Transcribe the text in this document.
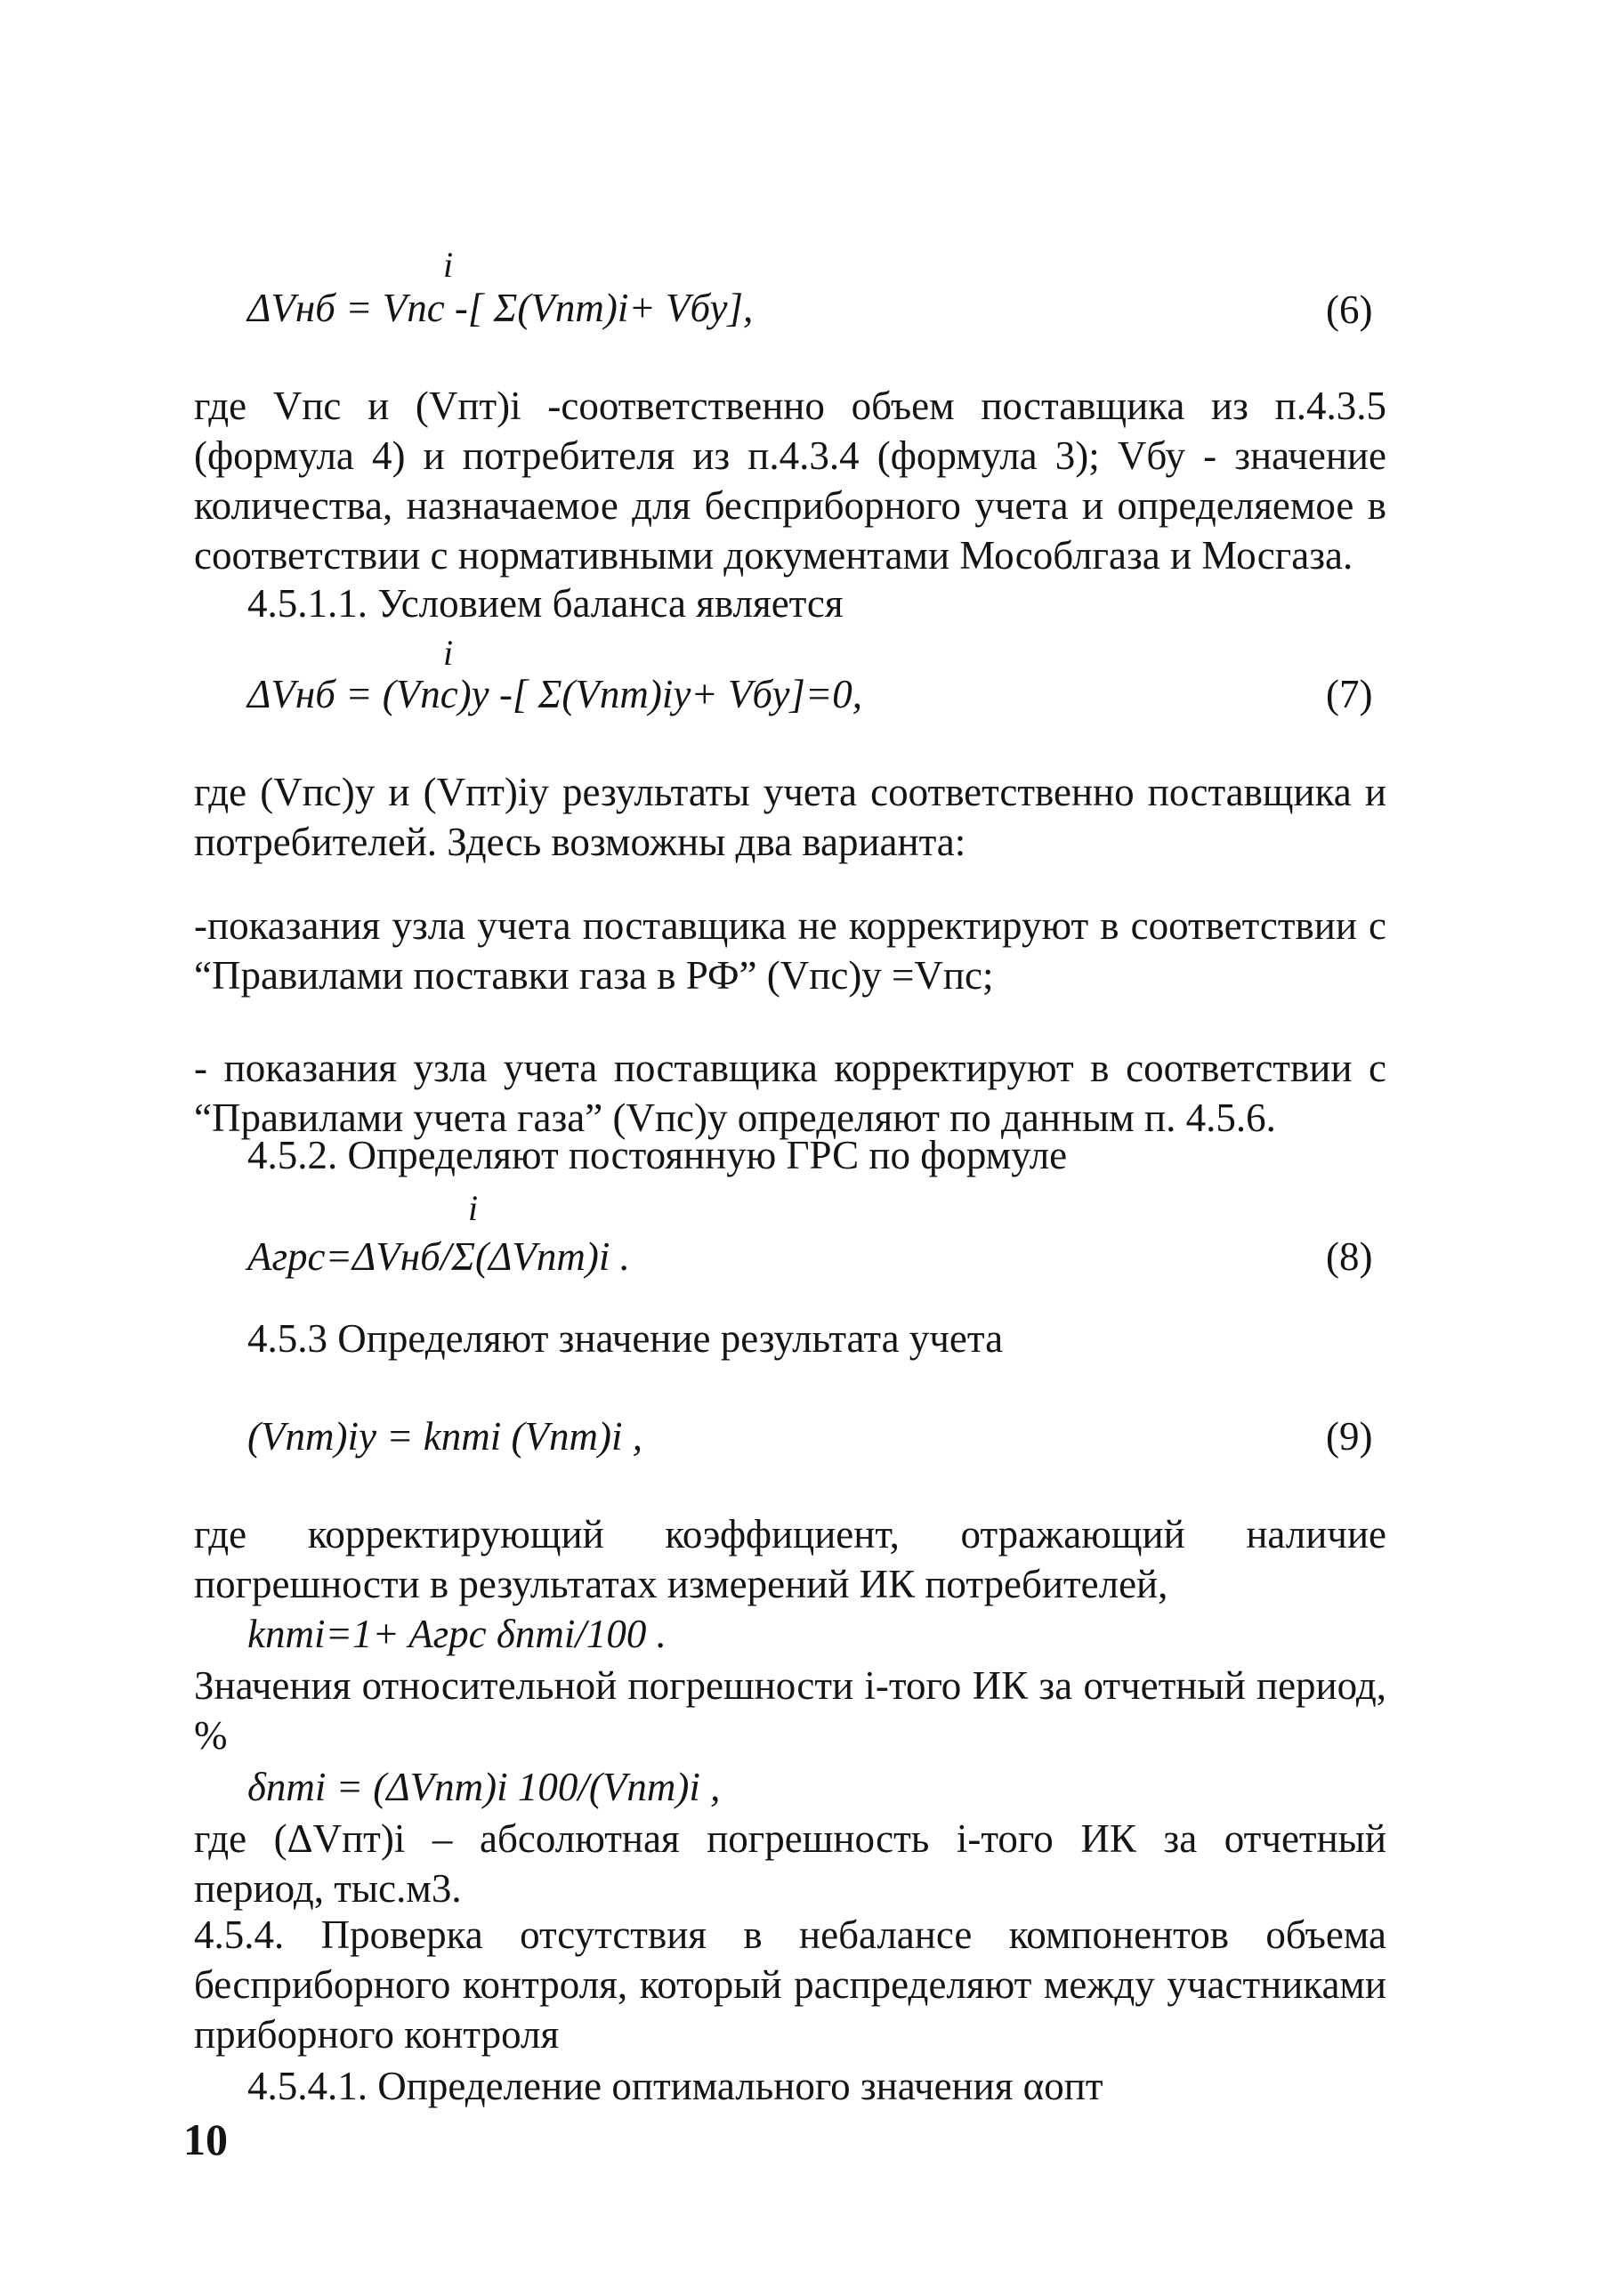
i
ΔVнб = Vпс -[ Σ(Vпт)i+ Vбу],	(6)
где Vпс и (Vпт)i -соответственно объем поставщика из п.4.3.5 (формула 4) и потребителя из п.4.3.4 (формула 3); Vбу - значение количества, назначаемое для бесприборного учета и определяемое в соответствии с нормативными документами Мособлгаза и Мосгаза.
4.5.1.1. Условием баланса является
i
ΔVнб = (Vпс)у -[ Σ(Vпт)iу+ Vбу]=0,	(7)
где (Vпс)у и (Vпт)iу результаты учета соответственно поставщика и потребителей. Здесь возможны два варианта:
-показания узла учета поставщика не корректируют в соответствии с “Правилами поставки газа в РФ” (Vпс)у =Vпс;
- показания узла учета поставщика корректируют в соответствии с “Правилами учета газа” (Vпс)у определяют по данным п. 4.5.6.
4.5.2. Определяют постоянную ГРС по формуле
i
Aгрс=ΔVнб/Σ(ΔVпт)i .	(8)
4.5.3 Определяют значение результата учета
(Vпт)iу = kптi (Vпт)i ,	(9)
где корректирующий коэффициент, отражающий наличие погрешности в результатах измерений ИК потребителей,
kптi=1+ Aгрс δптi/100 .
Значения относительной погрешности i-того ИК за отчетный период, %
δптi = (ΔVпт)i 100/(Vпт)i ,
где (ΔVпт)i – абсолютная погрешность i-того ИК за отчетный период, тыс.м3.
4.5.4. Проверка отсутствия в небалансе компонентов объема бесприборного контроля, который распределяют между участниками приборного контроля
4.5.4.1. Определение оптимального значения αопт
10
